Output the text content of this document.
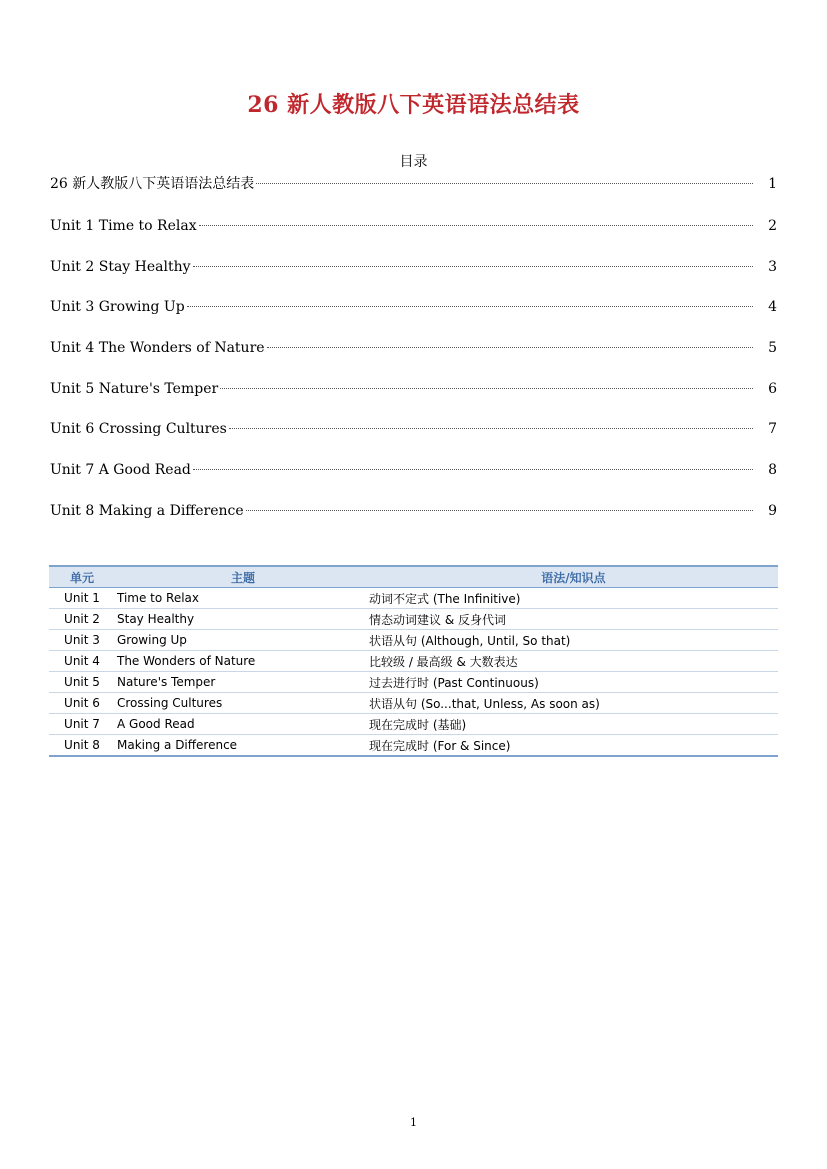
26 新人教版八下英语语法总结表
目录
26 新人教版八下英语语法总结表	1
Unit 1 Time to Relax	2
Unit 2 Stay Healthy	3
Unit 3 Growing Up	4
Unit 4 The Wonders of Nature	5
Unit 5 Nature's Temper	6
Unit 6 Crossing Cultures	7
Unit 7 A Good Read	8
Unit 8 Making a Difference	9
单元	主题	语法/知识点
Unit 1	Time to Relax	动词不定式 (The Infinitive)
Unit 2	Stay Healthy	情态动词建议 & 反身代词
Unit 3	Growing Up	状语从句 (Although, Until, So that)
Unit 4	The Wonders of Nature	比较级 / 最高级 & 大数表达
Unit 5	Nature's Temper	过去进行时 (Past Continuous)
Unit 6	Crossing Cultures	状语从句 (So...that, Unless, As soon as)
Unit 7	A Good Read	现在完成时 (基础)
Unit 8	Making a Difference	现在完成时 (For & Since)
1
